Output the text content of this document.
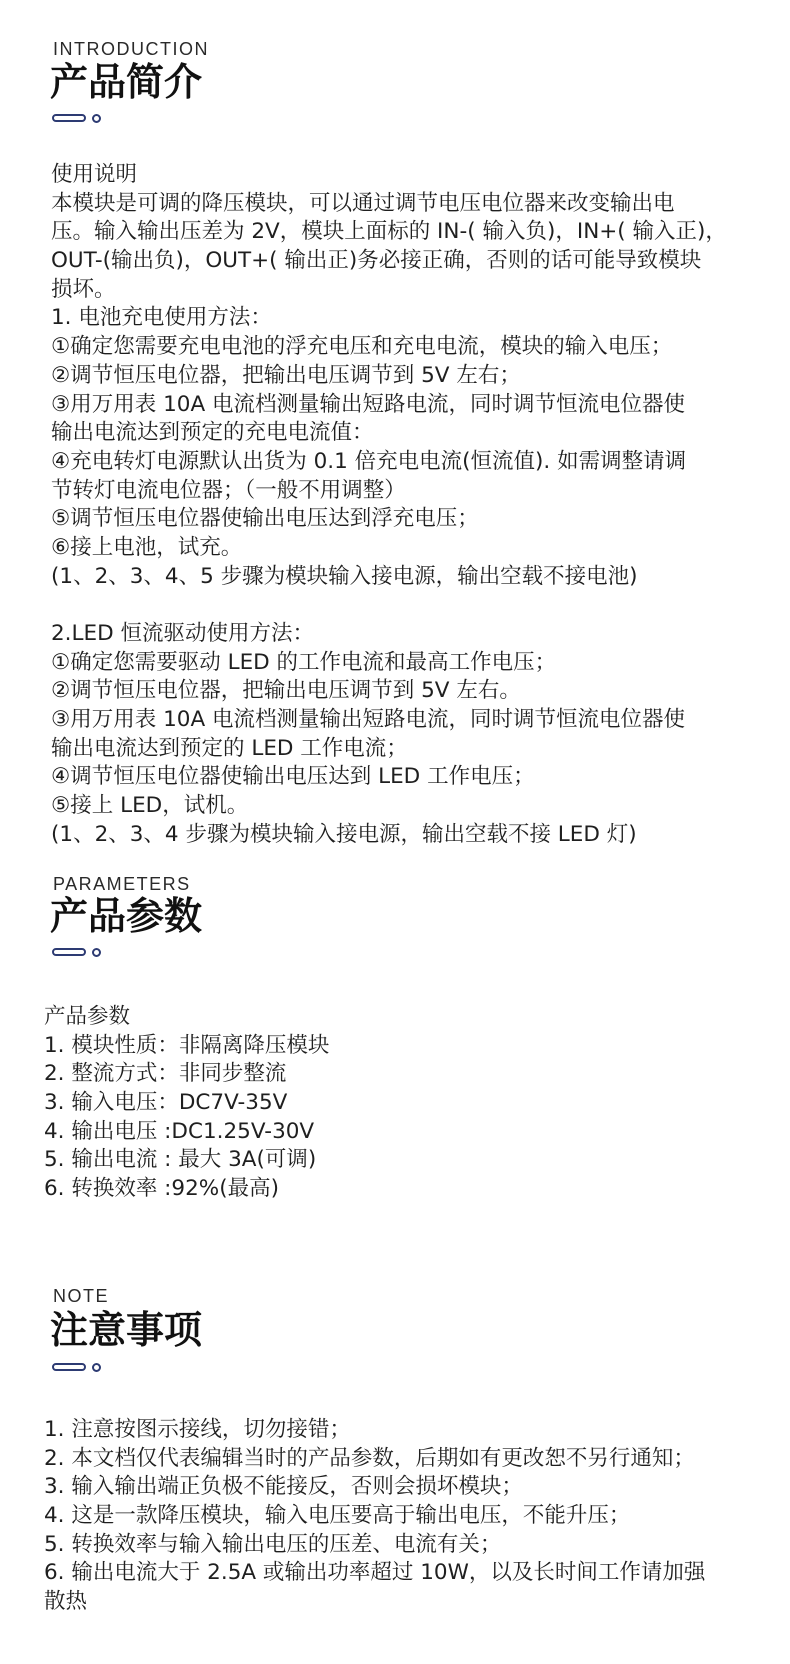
INTRODUCTION
产品简介
使用说明
本模块是可调的降压模块，可以通过调节电压电位器来改变输出电
压。输入输出压差为 2V，模块上面标的 IN-( 输入负)，IN+( 输入正)，
OUT-(输出负)，OUT+( 输出正)务必接正确，否则的话可能导致模块
损坏。
1. 电池充电使用方法：
①确定您需要充电电池的浮充电压和充电电流，模块的输入电压；
②调节恒压电位器，把输出电压调节到 5V 左右；
③用万用表 10A 电流档测量输出短路电流，同时调节恒流电位器使
输出电流达到预定的充电电流值：
④充电转灯电源默认出货为 0.1 倍充电电流(恒流值). 如需调整请调
节转灯电流电位器；（一般不用调整）
⑤调节恒压电位器使输出电压达到浮充电压；
⑥接上电池，试充。
(1、2、3、4、5 步骤为模块输入接电源，输出空载不接电池)
2.LED 恒流驱动使用方法：
①确定您需要驱动 LED 的工作电流和最高工作电压；
②调节恒压电位器，把输出电压调节到 5V 左右。
③用万用表 10A 电流档测量输出短路电流，同时调节恒流电位器使
输出电流达到预定的 LED 工作电流；
④调节恒压电位器使输出电压达到 LED 工作电压；
⑤接上 LED，试机。
(1、2、3、4 步骤为模块输入接电源，输出空载不接 LED 灯)
PARAMETERS
产品参数
产品参数
1. 模块性质：非隔离降压模块
2. 整流方式：非同步整流
3. 输入电压：DC7V-35V
4. 输出电压 :DC1.25V-30V
5. 输出电流 : 最大 3A(可调)
6. 转换效率 :92%(最高)
NOTE
注意事项
1. 注意按图示接线，切勿接错；
2. 本文档仅代表编辑当时的产品参数，后期如有更改恕不另行通知；
3. 输入输出端正负极不能接反，否则会损坏模块；
4. 这是一款降压模块，输入电压要高于输出电压，不能升压；
5. 转换效率与输入输出电压的压差、电流有关；
6. 输出电流大于 2.5A 或输出功率超过 10W，以及长时间工作请加强
散热
